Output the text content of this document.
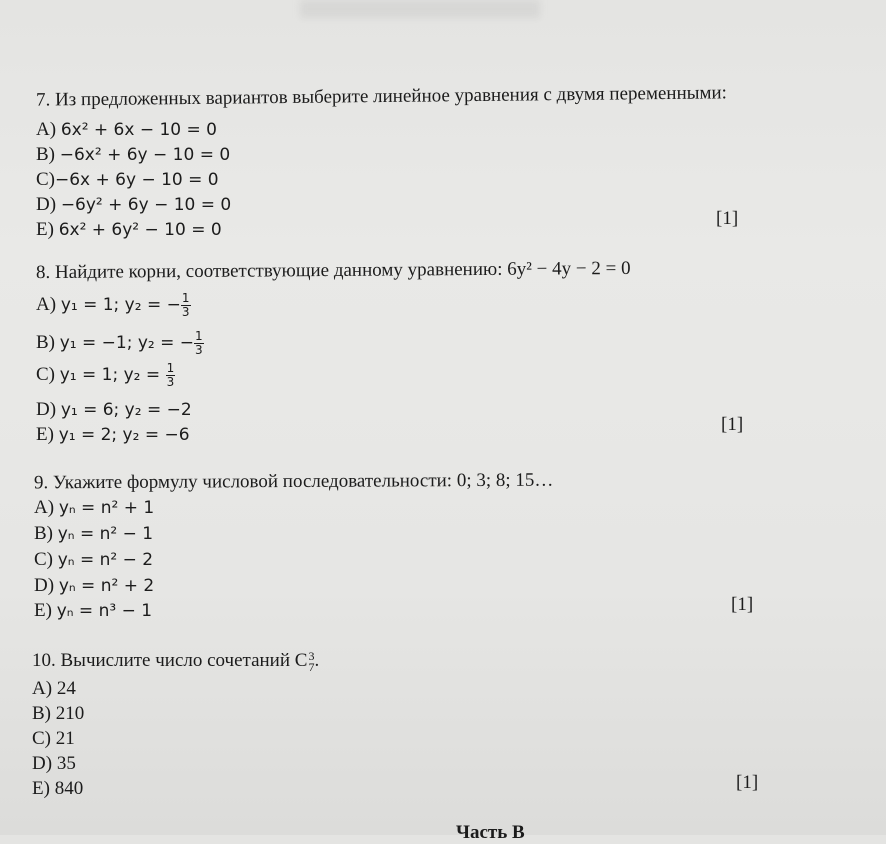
7. Из предложенных вариантов выберите линейное уравнения с двумя переменными:
A) 6x² + 6x − 10 = 0
B) −6x² + 6y − 10 = 0
C)−6x + 6y − 10 = 0
D) −6y² + 6y − 10 = 0
E) 6x² + 6y² − 10 = 0
[1]
8. Найдите корни, соответствующие данному уравнению: 6y² − 4y − 2 = 0
A) y₁ = 1; y₂ = − $\frac{1}{3}$
B) y₁ = −1; y₂ = − $\frac{1}{3}$
C) y₁ = 1; $y_2 = \frac{1}{3}$
D) y₁ = 6; y₂ = −2
E) y₁ = 2; y₂ = −6	[1]
9. Укажите формулу числовой последовательности: 0; 3; 8; 15…
A) yₙ = n² + 1
B) yₙ = n² − 1
C) yₙ = n² − 2
D) yₙ = n² + 2
E) yₙ = n³ − 1	[1]
10. Вычислите число сочетаний C 3
7 .
A) 24
B) 210
C) 21
D) 35
E) 840	[1]
Часть В
